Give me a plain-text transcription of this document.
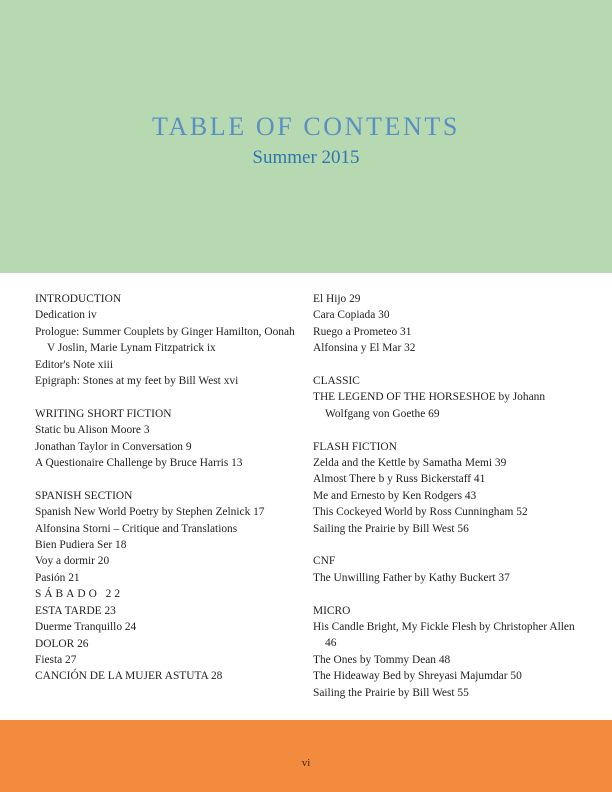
TABLE OF CONTENTS
Summer 2015
INTRODUCTION
Dedication iv
Prologue: Summer Couplets by Ginger Hamilton, Oonah V Joslin, Marie Lynam Fitzpatrick ix
Editor's Note xiii
Epigraph: Stones at my feet by Bill West xvi
WRITING SHORT FICTION
Static bu Alison Moore 3
Jonathan Taylor in Conversation 9
A Questionaire Challenge by Bruce Harris 13
SPANISH SECTION
Spanish New World Poetry by Stephen Zelnick 17
Alfonsina Storni – Critique and Translations
Bien Pudiera Ser 18
Voy a dormir 20
Pasión 21
SÁBADO 22
ESTA TARDE 23
Duerme Tranquillo 24
DOLOR 26
Fiesta 27
CANCIÓN DE LA MUJER ASTUTA 28
El Hijo 29
Cara Copiada 30
Ruego a Prometeo 31
Alfonsina y El Mar 32
CLASSIC
THE LEGEND OF THE HORSESHOE by Johann Wolfgang von Goethe 69
FLASH FICTION
Zelda and the Kettle by Samatha Memi 39
Almost There b y Russ Bickerstaff 41
Me and Ernesto by Ken Rodgers 43
This Cockeyed World by Ross Cunningham 52
Sailing the Prairie by Bill West 56
CNF
The Unwilling Father by Kathy Buckert 37
MICRO
His Candle Bright, My Fickle Flesh by Christopher Allen 46
The Ones by Tommy Dean 48
The Hideaway Bed by Shreyasi Majumdar 50
Sailing the Prairie by Bill West 55
vi
